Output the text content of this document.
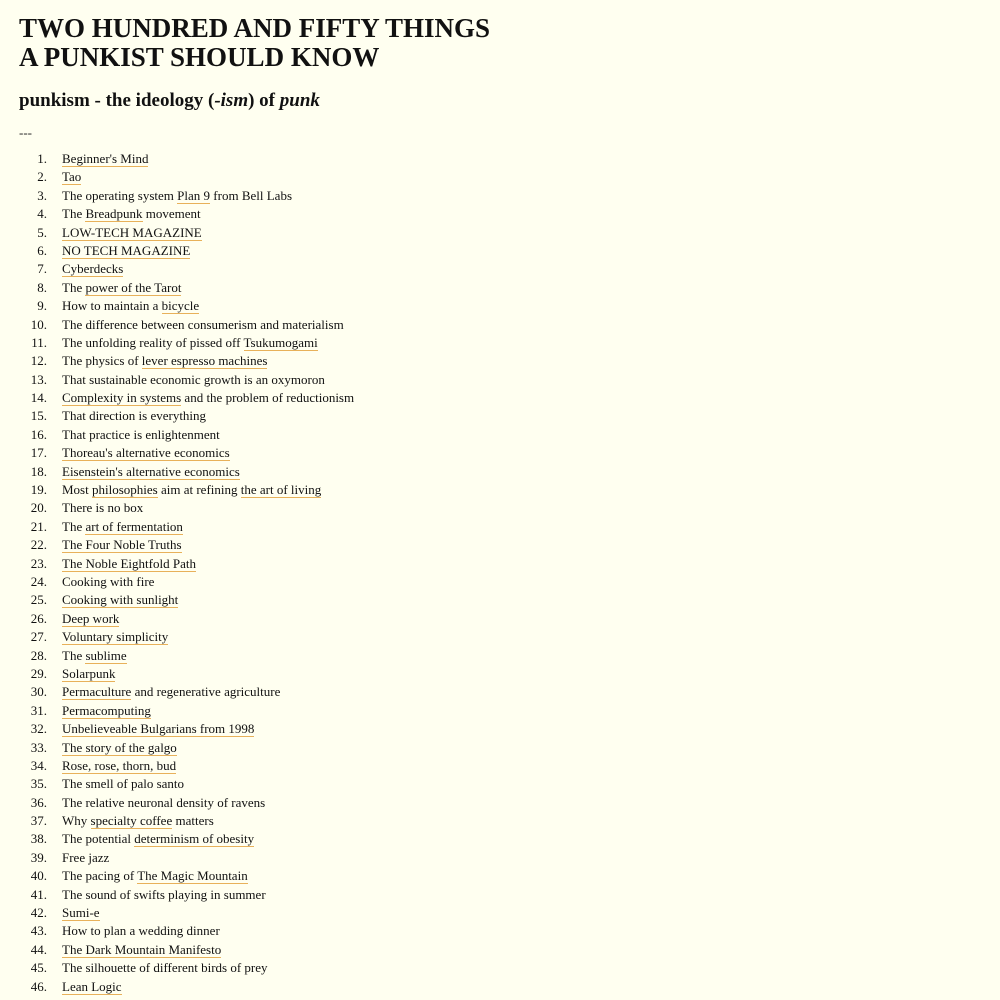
TWO HUNDRED AND FIFTY THINGS
A PUNKIST SHOULD KNOW
punkism - the ideology (-ism) of punk
---
1. Beginner's Mind
2. Tao
3. The operating system Plan 9 from Bell Labs
4. The Breadpunk movement
5. LOW-TECH MAGAZINE
6. NO TECH MAGAZINE
7. Cyberdecks
8. The power of the Tarot
9. How to maintain a bicycle
10. The difference between consumerism and materialism
11. The unfolding reality of pissed off Tsukumogami
12. The physics of lever espresso machines
13. That sustainable economic growth is an oxymoron
14. Complexity in systems and the problem of reductionism
15. That direction is everything
16. That practice is enlightenment
17. Thoreau's alternative economics
18. Eisenstein's alternative economics
19. Most philosophies aim at refining the art of living
20. There is no box
21. The art of fermentation
22. The Four Noble Truths
23. The Noble Eightfold Path
24. Cooking with fire
25. Cooking with sunlight
26. Deep work
27. Voluntary simplicity
28. The sublime
29. Solarpunk
30. Permaculture and regenerative agriculture
31. Permacomputing
32. Unbelieveable Bulgarians from 1998
33. The story of the galgo
34. Rose, rose, thorn, bud
35. The smell of palo santo
36. The relative neuronal density of ravens
37. Why specialty coffee matters
38. The potential determinism of obesity
39. Free jazz
40. The pacing of The Magic Mountain
41. The sound of swifts playing in summer
42. Sumi-e
43. How to plan a wedding dinner
44. The Dark Mountain Manifesto
45. The silhouette of different birds of prey
46. Lean Logic
